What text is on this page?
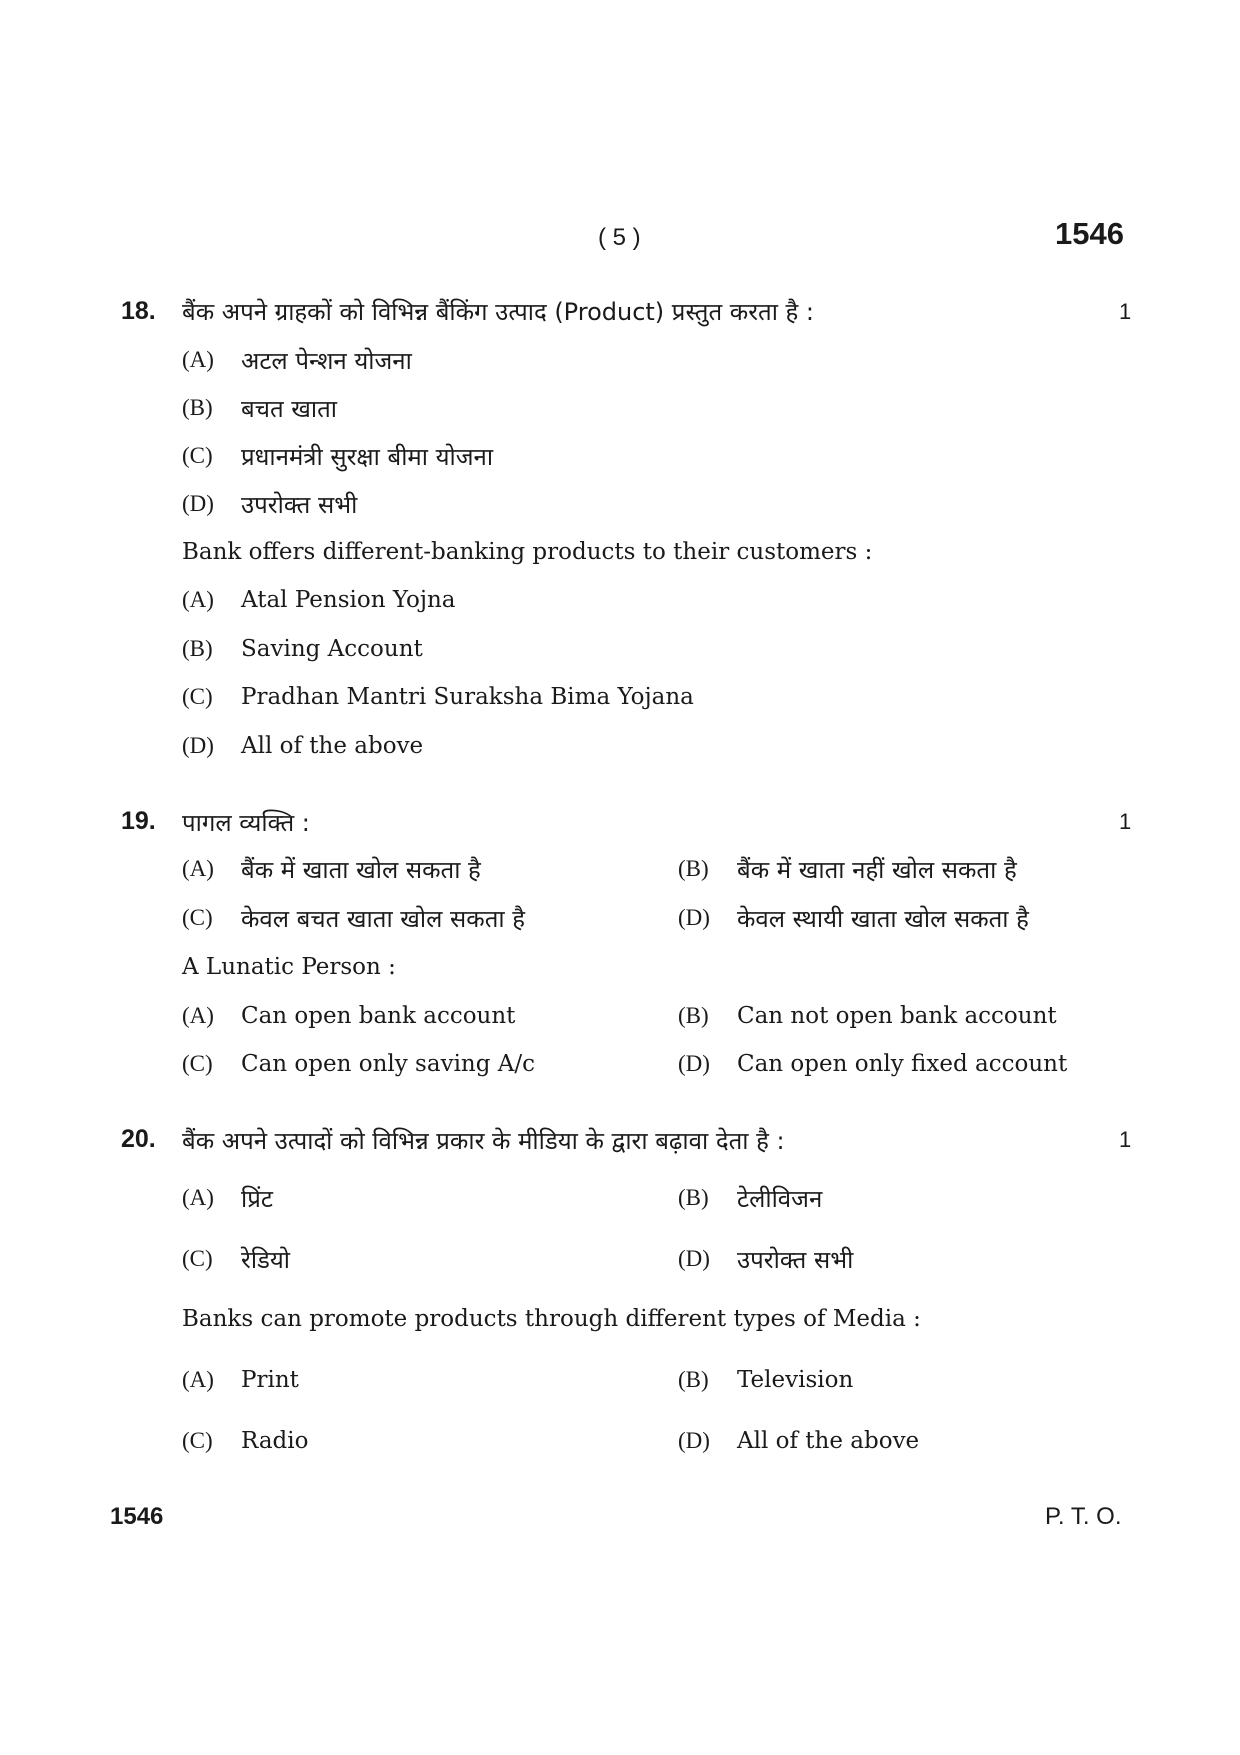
( 5 )	1546
18. बैंक अपने ग्राहकों को विभिन्न बैंकिंग उत्पाद (Product) प्रस्तुत करता है :	1
(A) अटल पेन्शन योजना
(B) बचत खाता
(C) प्रधानमंत्री सुरक्षा बीमा योजना
(D) उपरोक्त सभी
Bank offers different-banking products to their customers :
(A) Atal Pension Yojna
(B) Saving Account
(C) Pradhan Mantri Suraksha Bima Yojana
(D) All of the above
19. पागल व्यक्ति :	1
(A) बैंक में खाता खोल सकता है	(B) बैंक में खाता नहीं खोल सकता है
(C) केवल बचत खाता खोल सकता है	(D) केवल स्थायी खाता खोल सकता है
A Lunatic Person :
(A) Can open bank account	(B) Can not open bank account
(C) Can open only saving A/c	(D) Can open only fixed account
20. बैंक अपने उत्पादों को विभिन्न प्रकार के मीडिया के द्वारा बढ़ावा देता है :	1
(A) प्रिंट	(B) टेलीविजन
(C) रेडियो	(D) उपरोक्त सभी
Banks can promote products through different types of Media :
(A) Print	(B) Television
(C) Radio	(D) All of the above
1546	P. T. O.
